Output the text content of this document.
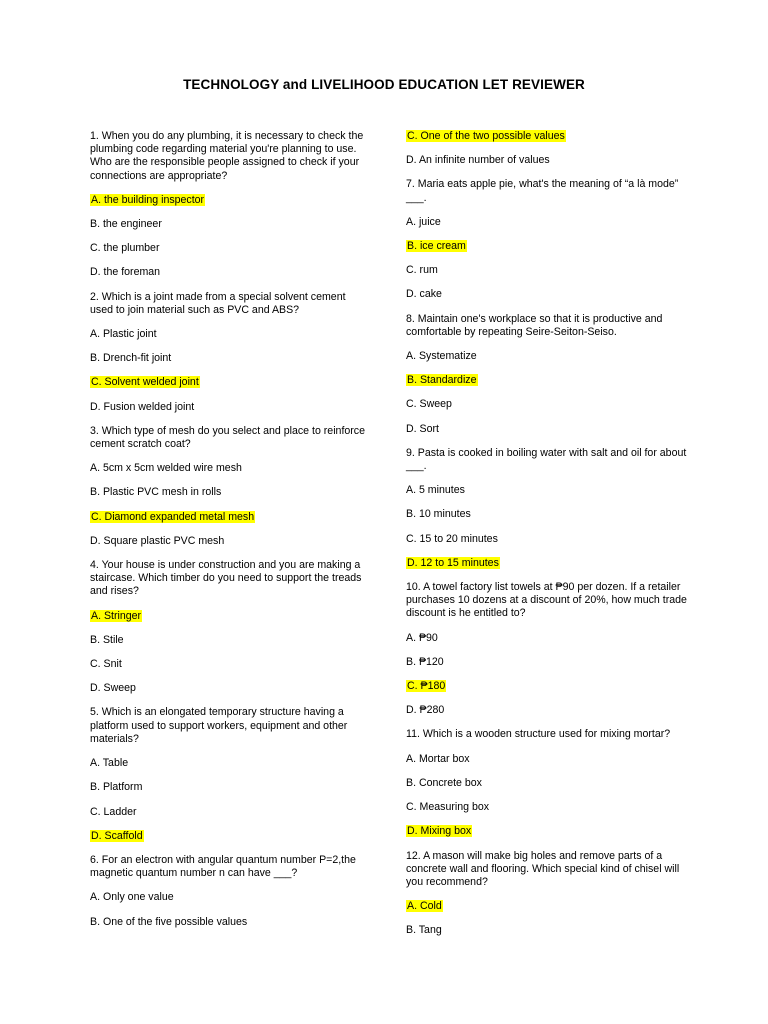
TECHNOLOGY and LIVELIHOOD EDUCATION LET REVIEWER
1. When you do any plumbing, it is necessary to check the plumbing code regarding material you're planning to use. Who are the responsible people assigned to check if your connections are appropriate?
A. the building inspector
B. the engineer
C. the plumber
D. the foreman
2. Which is a joint made from a special solvent cement used to join material such as PVC and ABS?
A. Plastic joint
B. Drench-fit joint
C. Solvent welded joint
D. Fusion welded joint
3. Which type of mesh do you select and place to reinforce cement scratch coat?
A. 5cm x 5cm welded wire mesh
B. Plastic PVC mesh in rolls
C. Diamond expanded metal mesh
D. Square plastic PVC mesh
4. Your house is under construction and you are making a staircase. Which timber do you need to support the treads and rises?
A. Stringer
B. Stile
C. Snit
D. Sweep
5. Which is an elongated temporary structure having a platform used to support workers, equipment and other materials?
A. Table
B. Platform
C. Ladder
D. Scaffold
6. For an electron with angular quantum number P=2,the magnetic quantum number n can have ___?
A. Only one value
B. One of the five possible values
C. One of the two possible values
D. An infinite number of values
7. Maria eats apple pie, what's the meaning of “a là mode” ___.
A. juice
B. ice cream
C. rum
D. cake
8. Maintain one's workplace so that it is productive and comfortable by repeating Seire-Seiton-Seiso.
A. Systematize
B. Standardize
C. Sweep
D. Sort
9. Pasta is cooked in boiling water with salt and oil for about ___.
A. 5 minutes
B. 10 minutes
C. 15 to 20 minutes
D. 12 to 15 minutes
10. A towel factory list towels at ₱90 per dozen. If a retailer purchases 10 dozens at a discount of 20%, how much trade discount is he entitled to?
A. ₱90
B. ₱120
C. ₱180
D. ₱280
11. Which is a wooden structure used for mixing mortar?
A. Mortar box
B. Concrete box
C. Measuring box
D. Mixing box
12. A mason will make big holes and remove parts of a concrete wall and flooring. Which special kind of chisel will you recommend?
A. Cold
B. Tang
